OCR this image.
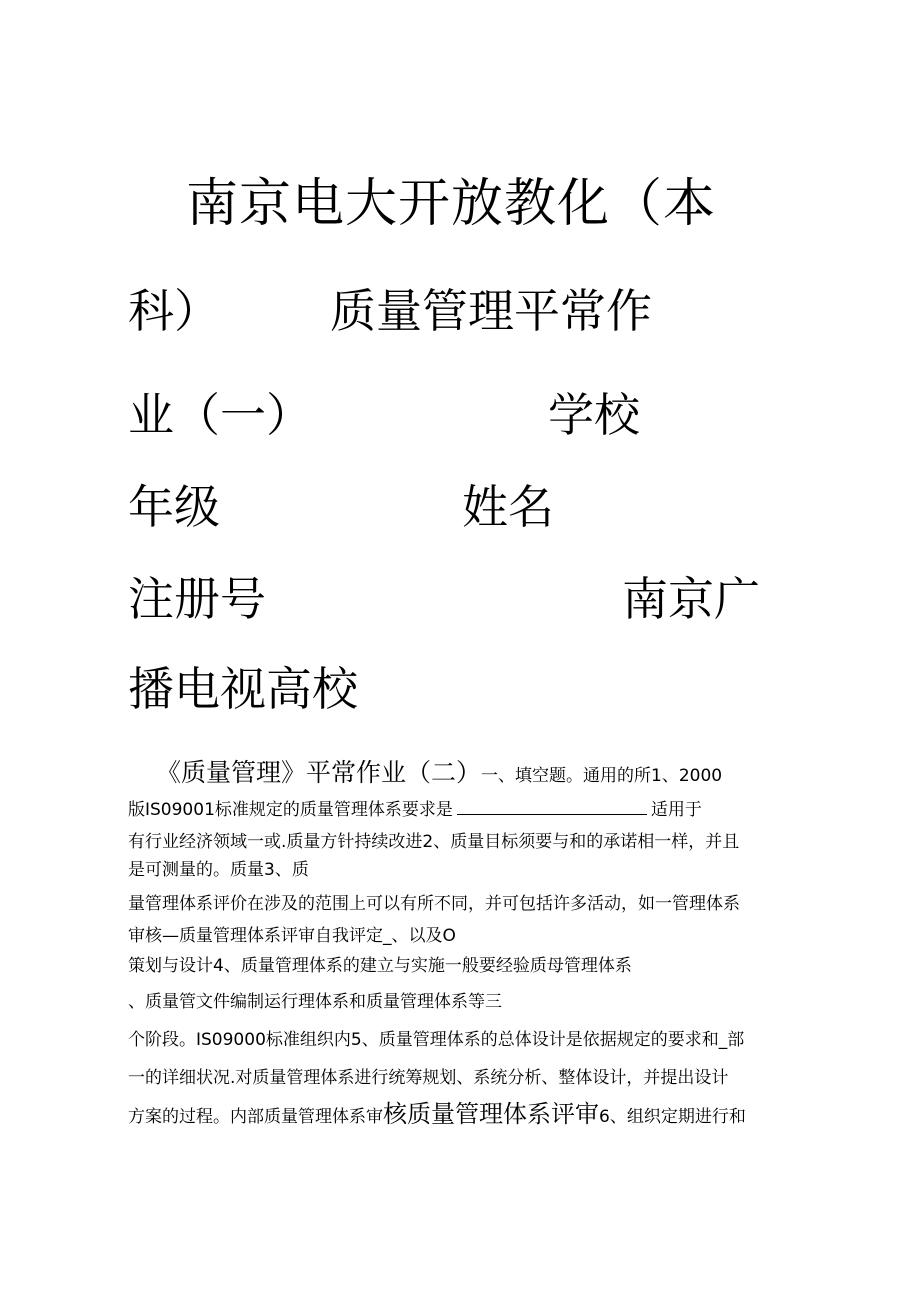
南京电大开放教化（本
科） 质量管理平常作
业（一）	学校
年级	姓名
注册号	南京广
播电视高校
《质量管理》平常作业（二）一、填空题。通用的所1、2000
版IS09001标准规定的质量管理体系要求是	适用于
有行业经济领域一或.质量方针持续改进2、质量目标须要与和的承诺相一样，并且
是可测量的。质量3、质
量管理体系评价在涉及的范围上可以有所不同，并可包括许多活动，如一管理体系
审核—质量管理体系评审自我评定_、以及O
策划与设计4、质量管理体系的建立与实施一般要经验质母管理体系
、质量管文件编制运行理体系和质量管理体系等三
个阶段。IS09000标准组织内5、质量管理体系的总体设计是依据规定的要求和_部
一的详细状况.对质量管理体系进行统筹规划、系统分析、整体设计，并提出设计
方案的过程。内部质量管理体系审核质量管理体系评审6、组织定期进行和
